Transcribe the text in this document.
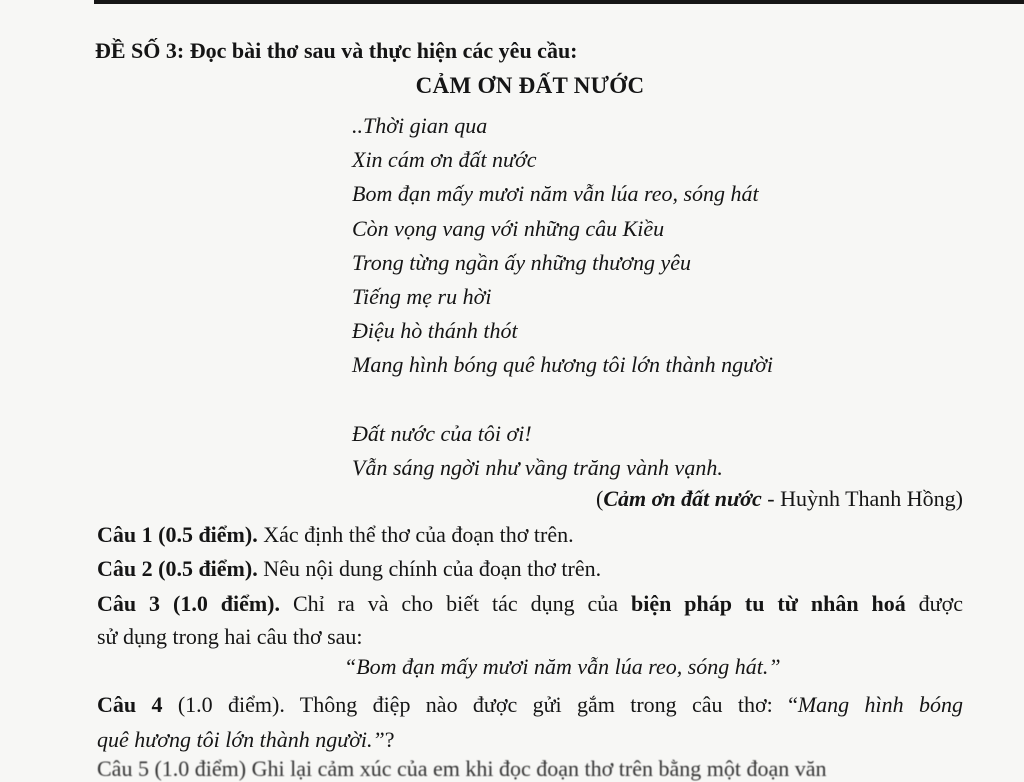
ĐỀ SỐ 3: Đọc bài thơ sau và thực hiện các yêu cầu:
CẢM ƠN ĐẤT NƯỚC
..Thời gian qua
Xin cám ơn đất nước
Bom đạn mấy mươi năm vẫn lúa reo, sóng hát
Còn vọng vang với những câu Kiều
Trong từng ngần ấy những thương yêu
Tiếng mẹ ru hời
Điệu hò thánh thót
Mang hình bóng quê hương tôi lớn thành người
Đất nước của tôi ơi!
Vẫn sáng ngời như vầng trăng vành vạnh.
(Cảm ơn đất nước - Huỳnh Thanh Hồng)
Câu 1 (0.5 điểm). Xác định thể thơ của đoạn thơ trên.
Câu 2 (0.5 điểm). Nêu nội dung chính của đoạn thơ trên.
Câu 3 (1.0 điểm). Chỉ ra và cho biết tác dụng của biện pháp tu từ nhân hoá được
sử dụng trong hai câu thơ sau:
“Bom đạn mấy mươi năm vẫn lúa reo, sóng hát.”
Câu 4 (1.0 điểm). Thông điệp nào được gửi gắm trong câu thơ: “Mang hình bóng
quê hương tôi lớn thành người.”?
Câu 5 (1.0 điểm) Ghi lại cảm xúc của em khi đọc đoạn thơ trên bằng một đoạn văn
